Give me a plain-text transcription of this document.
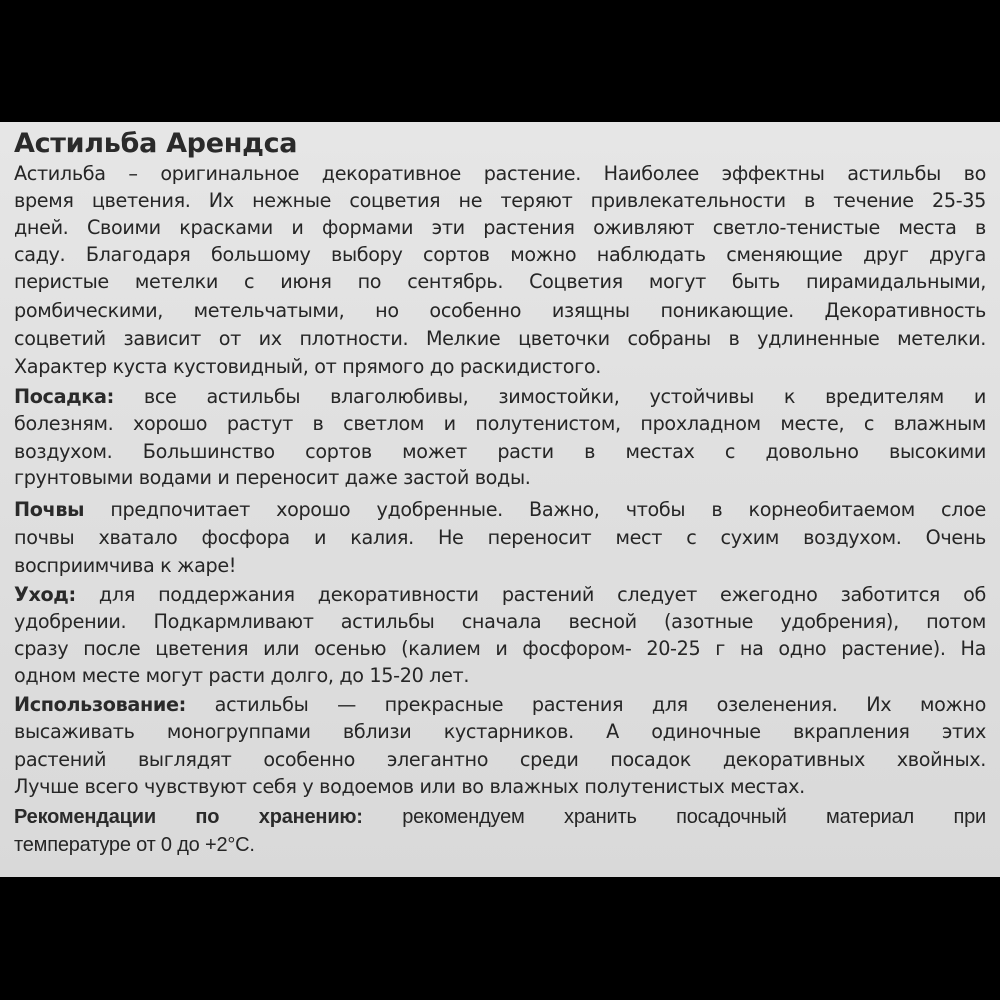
Астильба Арендса
Астильба – оригинальное декоративное растение. Наиболее эффектны астильбы во
время цветения. Их нежные соцветия не теряют привлекательности в течение 25-35
дней. Своими красками и формами эти растения оживляют светло-тенистые места в
саду. Благодаря большому выбору сортов можно наблюдать сменяющие друг друга
перистые метелки с июня по сентябрь. Соцветия могут быть пирамидальными,
ромбическими, метельчатыми, но особенно изящны поникающие. Декоративность
соцветий зависит от их плотности. Мелкие цветочки собраны в удлиненные метелки.
Характер куста кустовидный, от прямого до раскидистого.
Посадка: все астильбы влаголюбивы, зимостойки, устойчивы к вредителям и
болезням. хорошо растут в светлом и полутенистом, прохладном месте, с влажным
воздухом. Большинство сортов может расти в местах с довольно высокими
грунтовыми водами и переносит даже застой воды.
Почвы предпочитает хорошо удобренные. Важно, чтобы в корнеобитаемом слое
почвы хватало фосфора и калия. Не переносит мест с сухим воздухом. Очень
восприимчива к жаре!
Уход: для поддержания декоративности растений следует ежегодно заботится об
удобрении. Подкармливают астильбы сначала весной (азотные удобрения), потом
сразу после цветения или осенью (калием и фосфором- 20-25 г на одно растение). На
одном месте могут расти долго, до 15-20 лет.
Использование: астильбы — прекрасные растения для озеленения. Их можно
высаживать моногруппами вблизи кустарников. А одиночные вкрапления этих
растений выглядят особенно элегантно среди посадок декоративных хвойных.
Лучше всего чувствуют себя у водоемов или во влажных полутенистых местах.
Рекомендации по хранению: рекомендуем хранить посадочный материал при
температуре от 0 до +2°С.
